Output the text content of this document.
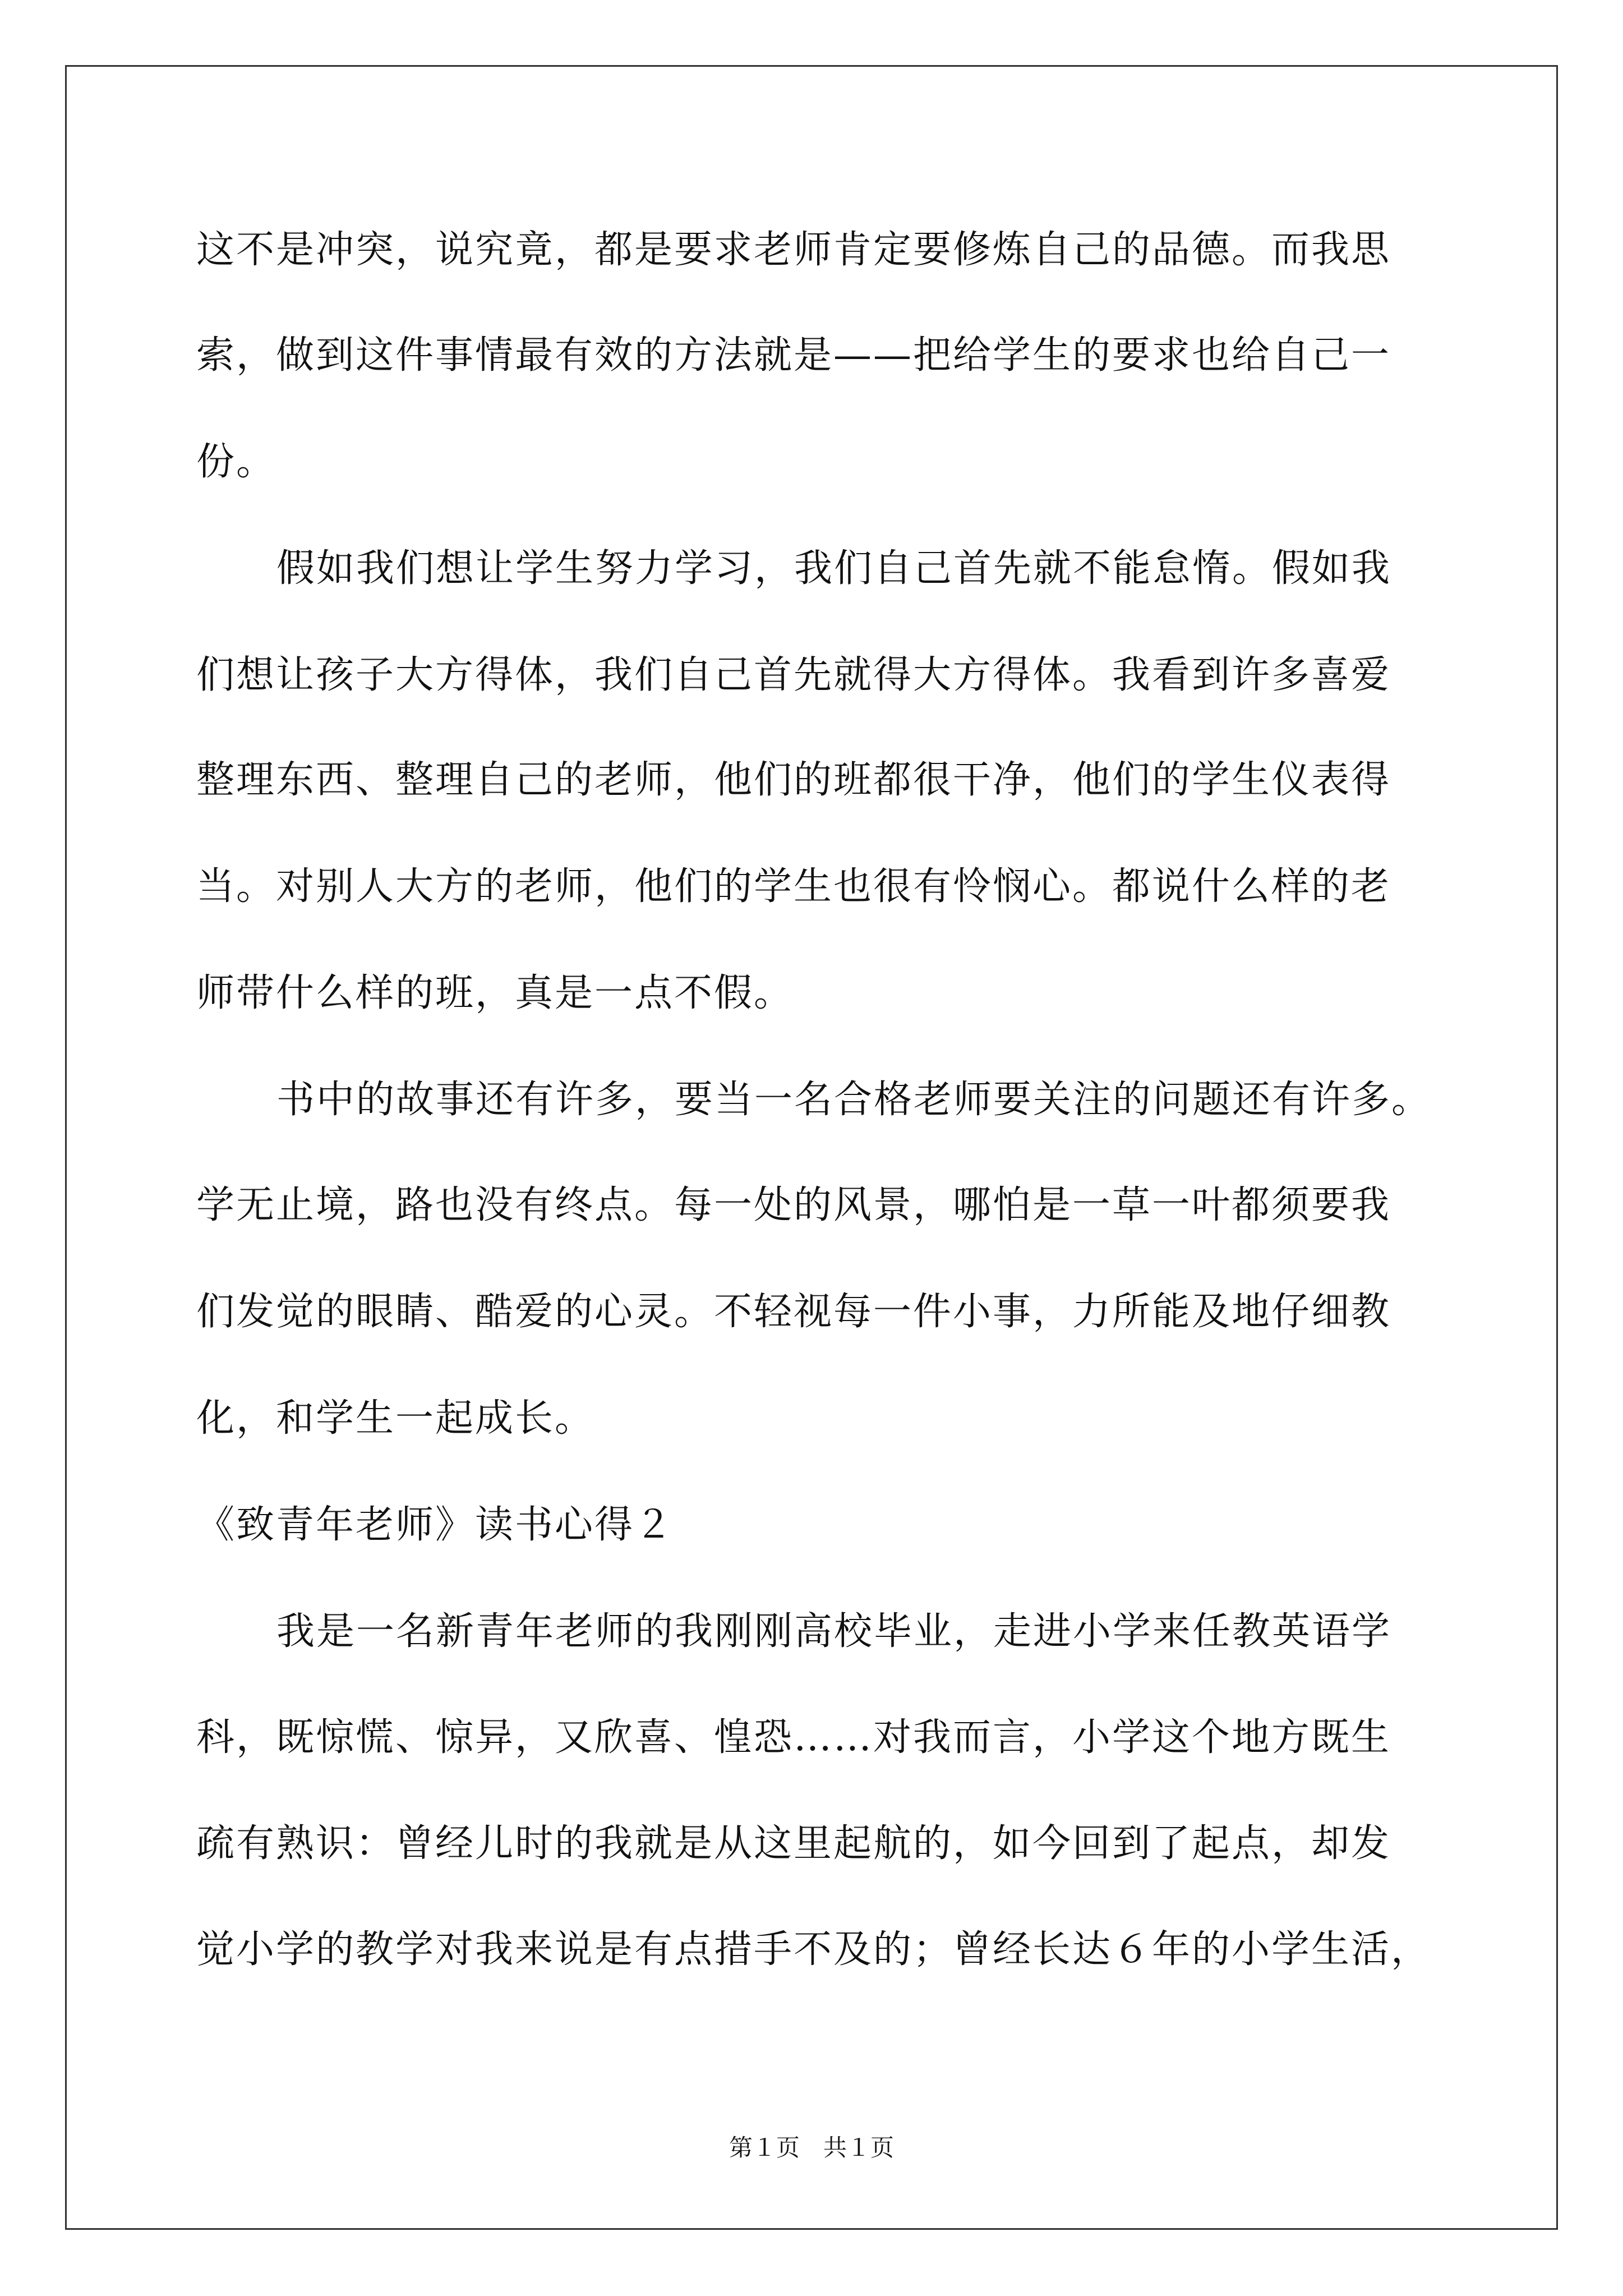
这不是冲突，说究竟，都是要求老师肯定要修炼自己的品德。而我思
索，做到这件事情最有效的方法就是——把给学生的要求也给自己一
份。
假如我们想让学生努力学习，我们自己首先就不能怠惰。假如我
们想让孩子大方得体，我们自己首先就得大方得体。我看到许多喜爱
整理东西、整理自己的老师，他们的班都很干净，他们的学生仪表得
当。对别人大方的老师，他们的学生也很有怜悯心。都说什么样的老
师带什么样的班，真是一点不假。
书中的故事还有许多，要当一名合格老师要关注的问题还有许多。
学无止境，路也没有终点。每一处的风景，哪怕是一草一叶都须要我
们发觉的眼睛、酷爱的心灵。不轻视每一件小事，力所能及地仔细教
化，和学生一起成长。
《致青年老师》读书心得２
我是一名新青年老师的我刚刚高校毕业，走进小学来任教英语学
科，既惊慌、惊异，又欣喜、惶恐……对我而言，小学这个地方既生
疏有熟识：曾经儿时的我就是从这里起航的，如今回到了起点，却发
觉小学的教学对我来说是有点措手不及的；曾经长达６年的小学生活，
第１页　共１页
